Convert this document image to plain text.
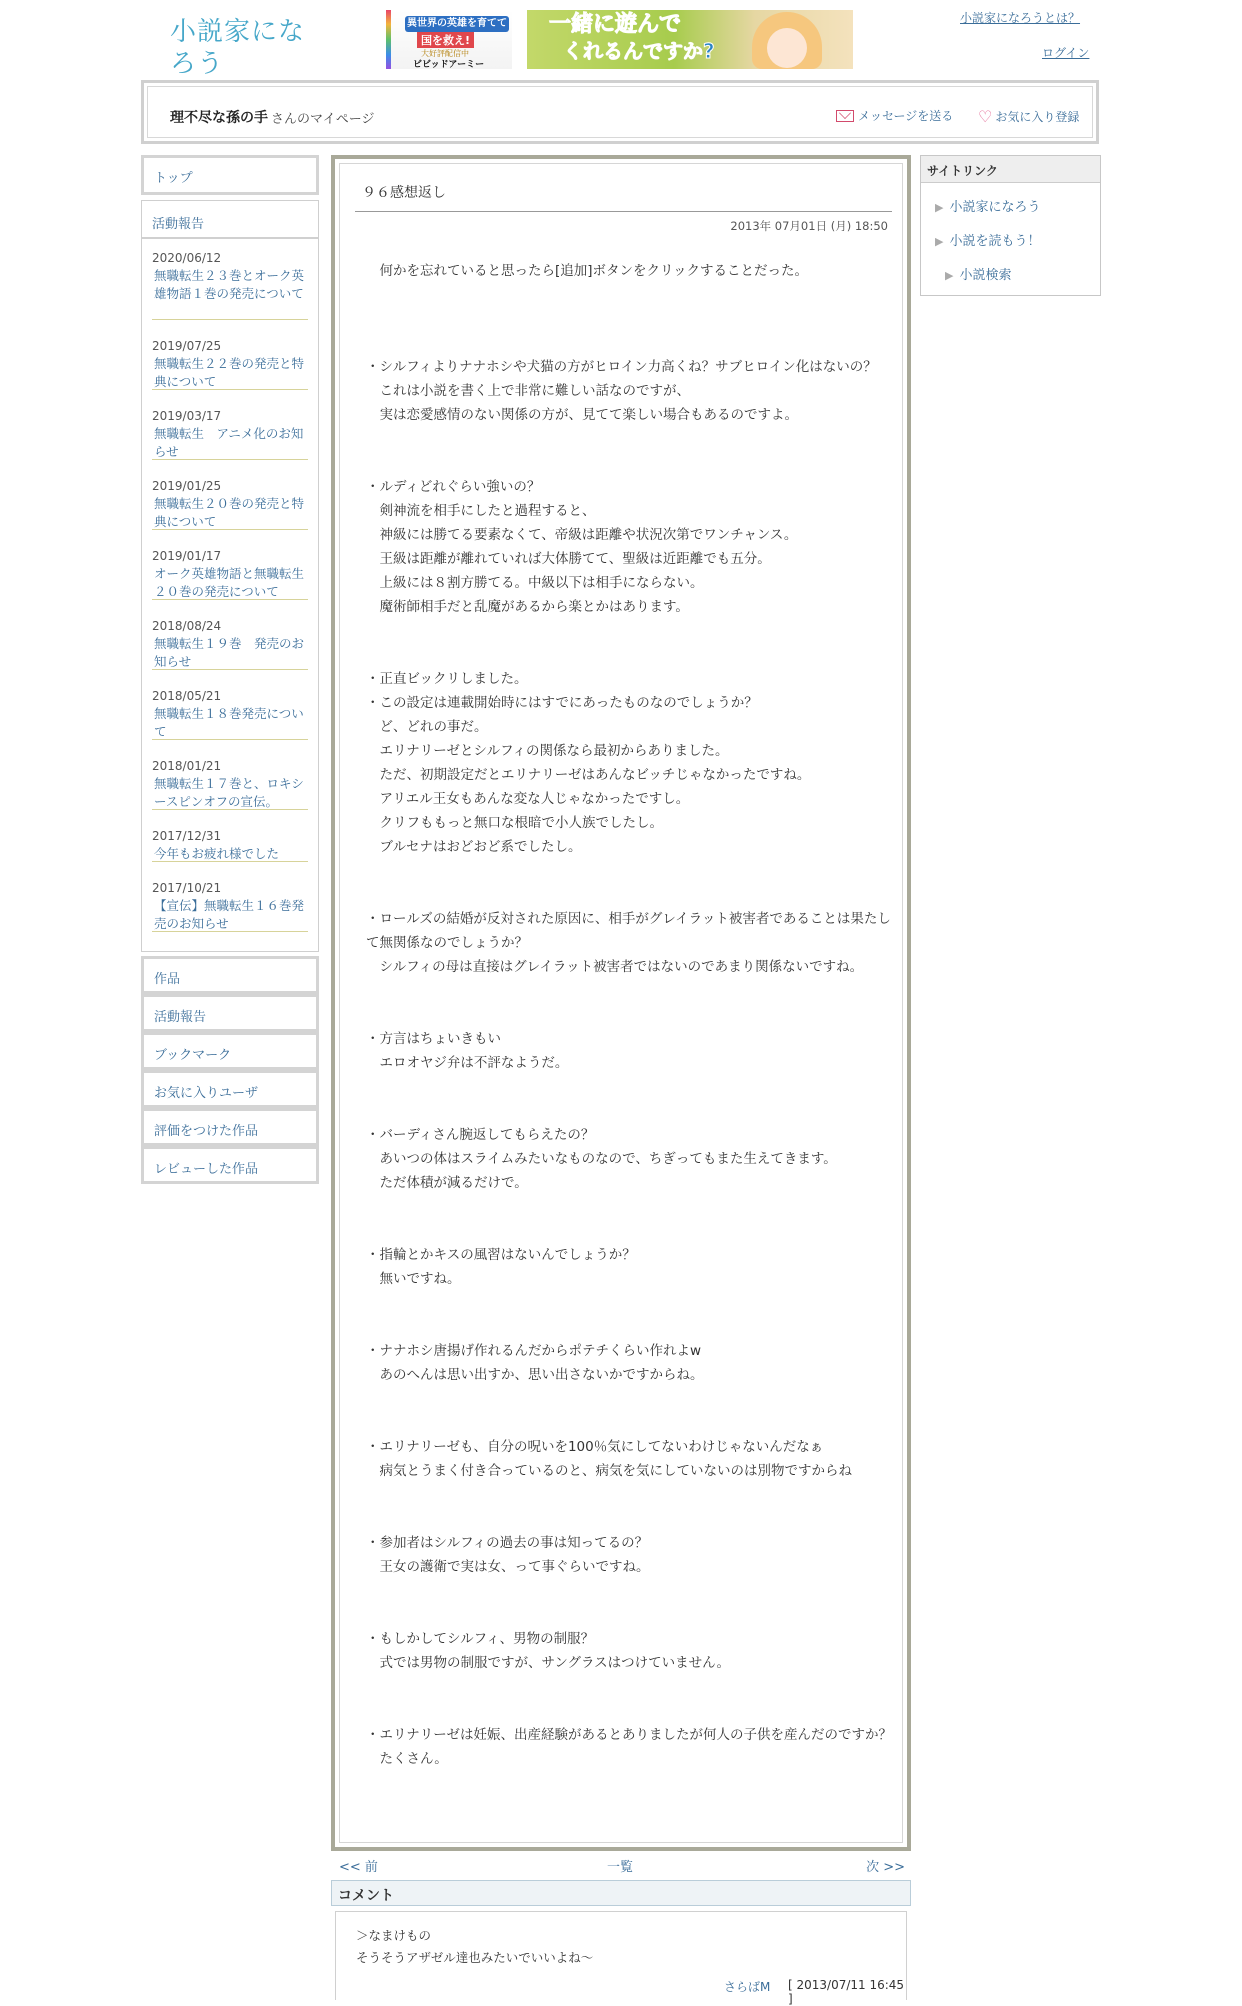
小説家になろう
異世界の英雄を育てて
国を救え!
大好評配信中
ビビッドアーミー
一緒に遊んで
くれるんですか?
小説家になろうとは？
ログイン
理不尽な孫の手 さんのマイページ	メッセージを送る ♡ お気に入り登録
トップ
活動報告
2020/06/12
無職転生２３巻とオーク英雄物語１巻の発売について
2019/07/25
無職転生２２巻の発売と特典について
2019/03/17
無職転生　アニメ化のお知らせ
2019/01/25
無職転生２０巻の発売と特典について
2019/01/17
オーク英雄物語と無職転生２０巻の発売について
2018/08/24
無職転生１９巻　発売のお知らせ
2018/05/21
無職転生１８巻発売について
2018/01/21
無職転生１７巻と、ロキシースピンオフの宣伝。
2017/12/31
今年もお疲れ様でした
2017/10/21
【宣伝】無職転生１６巻発売のお知らせ
作品
活動報告
ブックマーク
お気に入りユーザ
評価をつけた作品
レビューした作品
９６感想返し
2013年 07月01日 (月) 18:50
　何かを忘れていると思ったら[追加]ボタンをクリックすることだった。

・シルフィよりナナホシや犬猫の方がヒロイン力高くね？サブヒロイン化はないの？
　これは小説を書く上で非常に難しい話なのですが、
　実は恋愛感情のない関係の方が、見てて楽しい場合もあるのですよ。

・ルディどれぐらい強いの？
　剣神流を相手にしたと過程すると、
　神級には勝てる要素なくて、帝級は距離や状況次第でワンチャンス。
　王級は距離が離れていれば大体勝てて、聖級は近距離でも五分。
　上級には８割方勝てる。中級以下は相手にならない。
　魔術師相手だと乱魔があるから楽とかはあります。

・正直ビックリしました。
・この設定は連載開始時にはすでにあったものなのでしょうか？
　ど、どれの事だ。
　エリナリーゼとシルフィの関係なら最初からありました。
　ただ、初期設定だとエリナリーゼはあんなビッチじゃなかったですね。
　アリエル王女もあんな変な人じゃなかったですし。
　クリフももっと無口な根暗で小人族でしたし。
　ブルセナはおどおど系でしたし。

・ロールズの結婚が反対された原因に、相手がグレイラット被害者であることは果たして無関係なのでしょうか？
　シルフィの母は直接はグレイラット被害者ではないのであまり関係ないですね。

・方言はちょいきもい
　エロオヤジ弁は不評なようだ。

・バーディさん腕返してもらえたの？
　あいつの体はスライムみたいなものなので、ちぎってもまた生えてきます。
　ただ体積が減るだけで。

・指輪とかキスの風習はないんでしょうか？
　無いですね。

・ナナホシ唐揚げ作れるんだからポテチくらい作れよw
　あのへんは思い出すか、思い出さないかですからね。

・エリナリーゼも、自分の呪いを100％気にしてないわけじゃないんだなぁ
　病気とうまく付き合っているのと、病気を気にしていないのは別物ですからね

・参加者はシルフィの過去の事は知ってるの？
　王女の護衛で実は女、って事ぐらいですね。

・もしかしてシルフィ、男物の制服？
　式では男物の制服ですが、サングラスはつけていません。

・エリナリーゼは妊娠、出産経験があるとありましたが何人の子供を産んだのですか？
　たくさん。
<< 前	一覧	次 >>
コメント
＞なまけもの
そうそうアザゼル達也みたいでいいよね～
さらばM [ 2013/07/11 16:45 ]
サイトリンク
▶ 小説家になろう
▶ 小説を読もう！
▶ 小説検索
